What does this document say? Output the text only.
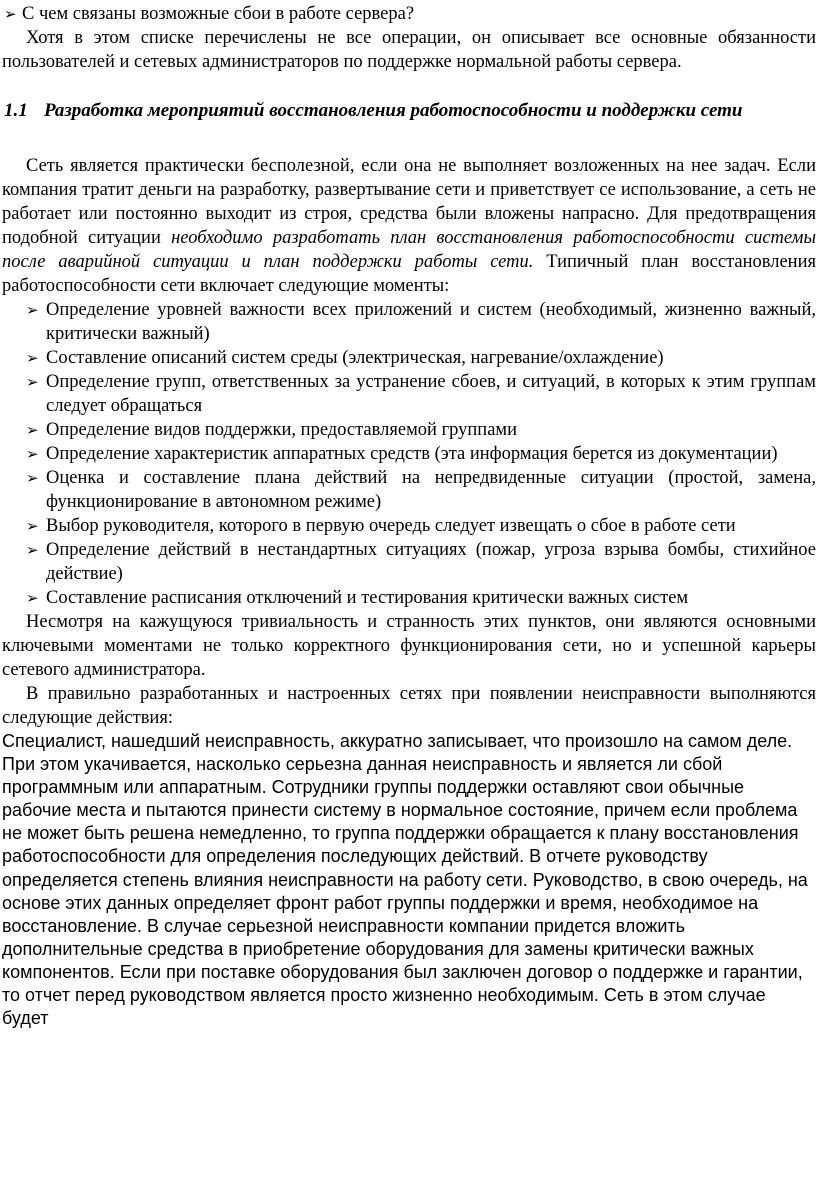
➢ С чем связаны возможные сбои в работе сервера?

Хотя в этом списке перечислены не все операции, он описывает все основные обязанности пользователей и сетевых администраторов по поддержке нормальной работы сервера.

1.1 Разработка мероприятий восстановления работоспособности и поддержки сети

Сеть является практически бесполезной, если она не выполняет возложенных на нее задач. Если компания тратит деньги на разработку, развертывание сети и приветствует се использование, а сеть не работает или постоянно выходит из строя, средства были вложены напрасно. Для предотвращения подобной ситуации необходимо разработать план восстановления работоспособности системы после аварийной ситуации и план поддержки работы сети. Типичный план восстановления работоспособности сети включает следующие моменты:

➢ Определение уровней важности всех приложений и систем (необходимый, жизненно важный, критически важный)
➢ Составление описаний систем среды (электрическая, нагревание/охлаждение)
➢ Определение групп, ответственных за устранение сбоев, и ситуаций, в которых к этим группам следует обращаться
➢ Определение видов поддержки, предоставляемой группами
➢ Определение характеристик аппаратных средств (эта информация берется из документации)
➢ Оценка и составление плана действий на непредвиденные ситуации (простой, замена, функционирование в автономном режиме)
➢ Выбор руководителя, которого в первую очередь следует извещать о сбое в работе сети
➢ Определение действий в нестандартных ситуациях (пожар, угроза взрыва бомбы, стихийное действие)
➢ Составление расписания отключений и тестирования критически важных систем

Несмотря на кажущуюся тривиальность и странность этих пунктов, они являются основными ключевыми моментами не только корректного функционирования сети, но и успешной карьеры сетевого администратора.

В правильно разработанных и настроенных сетях при появлении неисправности выполняются следующие действия:

Специалист, нашедший неисправность, аккуратно записывает, что произошло на самом деле. При этом укачивается, насколько серьезна данная неисправность и является ли сбой программным или аппаратным. Сотрудники группы поддержки оставляют свои обычные рабочие места и пытаются принести систему в нормальное состояние, причем если проблема не может быть решена немедленно, то группа поддержки обращается к плану восстановления работоспособности для определения последующих действий. В отчете руководству определяется степень влияния неисправности на работу сети. Руководство, в свою очередь, на основе этих данных определяет фронт работ группы поддержки и время, необходимое на восстановление. В случае серьезной неисправности компании придется вложить дополнительные средства в приобретение оборудования для замены критически важных компонентов. Если при поставке оборудования был заключен договор о поддержке и гарантии, то отчет перед руководством является просто жизненно необходимым. Сеть в этом случае будет
